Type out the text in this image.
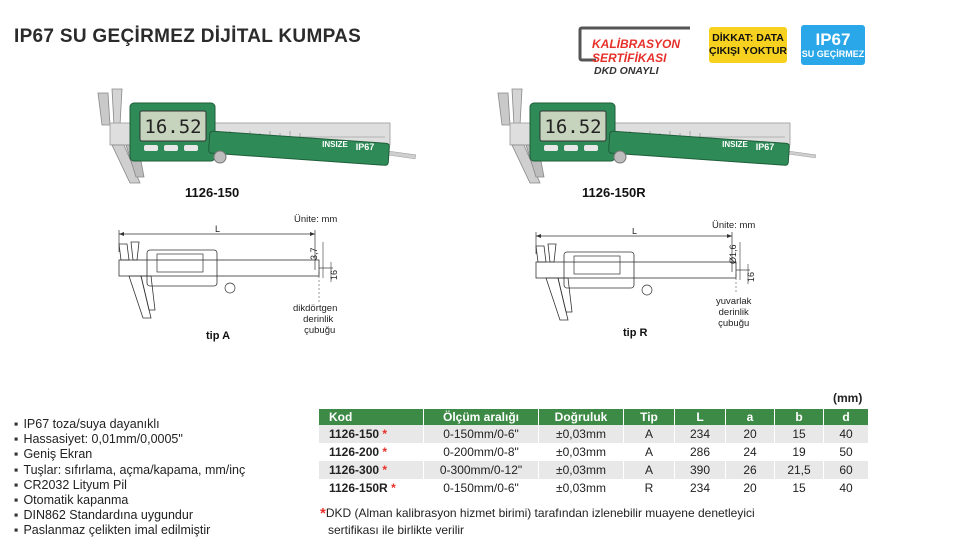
IP67 SU GEÇİRMEZ DİJİTAL KUMPAS	KALİBRASYON
SERTİFİKASI
DKD ONAYLI
DİKKAT: DATA
ÇIKIŞI YOKTUR
IP67
SU GEÇİRMEZ
16.52
INSIZE IP67
1126-150
16.52
INSIZE IP67
1126-150R
Ünite: mm
L
3,7
16
dikdörtgen
derinlik
çubuğu
tip A
Ünite: mm
L
Ø1,6
16
yuvarlak
derinlik
çubuğu
tip R
▪ IP67 toza/suya dayanıklı
▪ Hassasiyet: 0,01mm/0,0005"
▪ Geniş Ekran
▪ Tuşlar: sıfırlama, açma/kapama, mm/inç
▪ CR2032 Lityum Pil
▪ Otomatik kapanma
▪ DIN862 Standardına uygundur
▪ Paslanmaz çelikten imal edilmiştir
(mm)
Kod	Ölçüm aralığı	Doğruluk	Tip	L	a	b	d
1126-150 *	0-150mm/0-6"	±0,03mm	A	234	20	15	40
1126-200 *	0-200mm/0-8"	±0,03mm	A	286	24	19	50
1126-300 *	0-300mm/0-12"	±0,03mm	A	390	26	21,5	60
1126-150R *	0-150mm/0-6"	±0,03mm	R	234	20	15	40
*DKD (Alman kalibrasyon hizmet birimi) tarafından izlenebilir muayene denetleyici
sertifikası ile birlikte verilir
